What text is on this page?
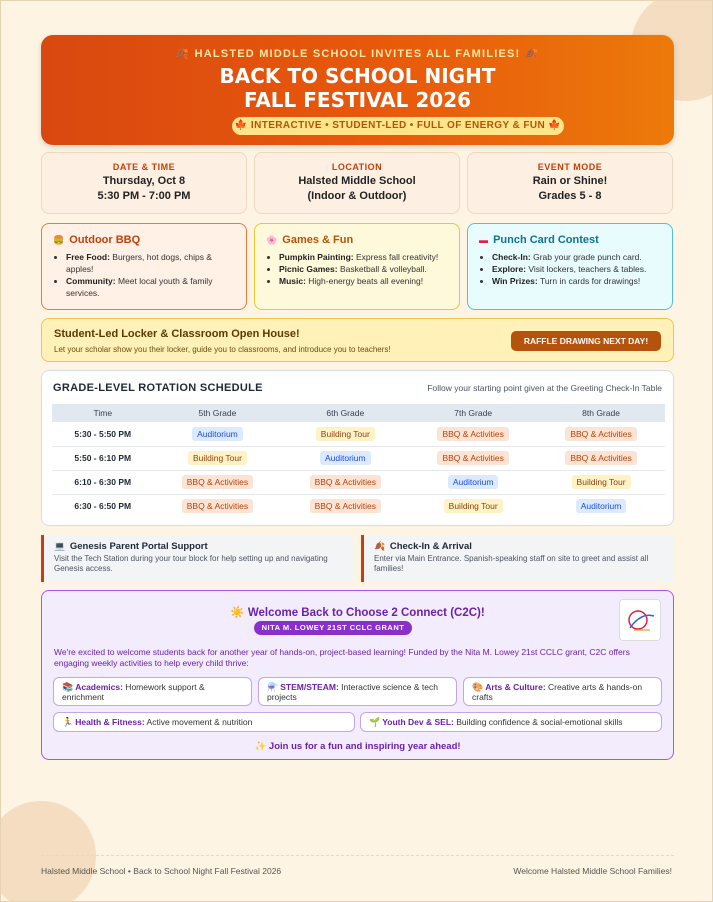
🍂 HALSTED MIDDLE SCHOOL INVITES ALL FAMILIES! 🍂
BACK TO SCHOOL NIGHT
FALL FESTIVAL 2026
🍁 INTERACTIVE • STUDENT-LED • FULL OF ENERGY & FUN 🍁
DATE & TIME
Thursday, Oct 8
5:30 PM - 7:00 PM
LOCATION
Halsted Middle School
(Indoor & Outdoor)
EVENT MODE
Rain or Shine!
Grades 5 - 8
🍔 Outdoor BBQ
• Free Food: Burgers, hot dogs, chips & apples!
• Community: Meet local youth & family services.
🌸 Games & Fun
• Pumpkin Painting: Express fall creativity!
• Picnic Games: Basketball & volleyball.
• Music: High-energy beats all evening!
▬ Punch Card Contest
• Check-In: Grab your grade punch card.
• Explore: Visit lockers, teachers & tables.
• Win Prizes: Turn in cards for drawings!
Student-Led Locker & Classroom Open House!

Let your scholar show you their locker, guide you to classrooms, and introduce you to teachers!

RAFFLE DRAWING NEXT DAY!
GRADE-LEVEL ROTATION SCHEDULE	Follow your starting point given at the Greeting Check-In Table
Time	5th Grade	6th Grade	7th Grade	8th Grade
5:30 - 5:50 PM	Auditorium	Building Tour	BBQ & Activities	BBQ & Activities
5:50 - 6:10 PM	Building Tour	Auditorium	BBQ & Activities	BBQ & Activities
6:10 - 6:30 PM	BBQ & Activities	BBQ & Activities	Auditorium	Building Tour
6:30 - 6:50 PM	BBQ & Activities	BBQ & Activities	Building Tour	Auditorium
💻 Genesis Parent Portal Support

Visit the Tech Station during your tour block for help setting up and navigating Genesis access.

🍂 Check-In & Arrival

Enter via Main Entrance. Spanish-speaking staff on site to greet and assist all families!

☀️ Welcome Back to Choose 2 Connect (C2C)!
NITA M. LOWEY 21ST CCLC GRANT
We're excited to welcome students back for another year of hands-on, project-based learning! Funded by the Nita M. Lowey 21st CCLC grant, C2C offers engaging weekly activities to help every child thrive:
📚 Academics: Homework support & enrichment
⚗️ STEM/STEAM: Interactive science & tech projects
🎨 Arts & Culture: Creative arts & hands-on crafts
🏃 Health & Fitness: Active movement & nutrition	🌱 Youth Dev & SEL: Building confidence & social-emotional skills
✨ Join us for a fun and inspiring year ahead!
Halsted Middle School • Back to School Night Fall Festival 2026	Welcome Halsted Middle School Families!
